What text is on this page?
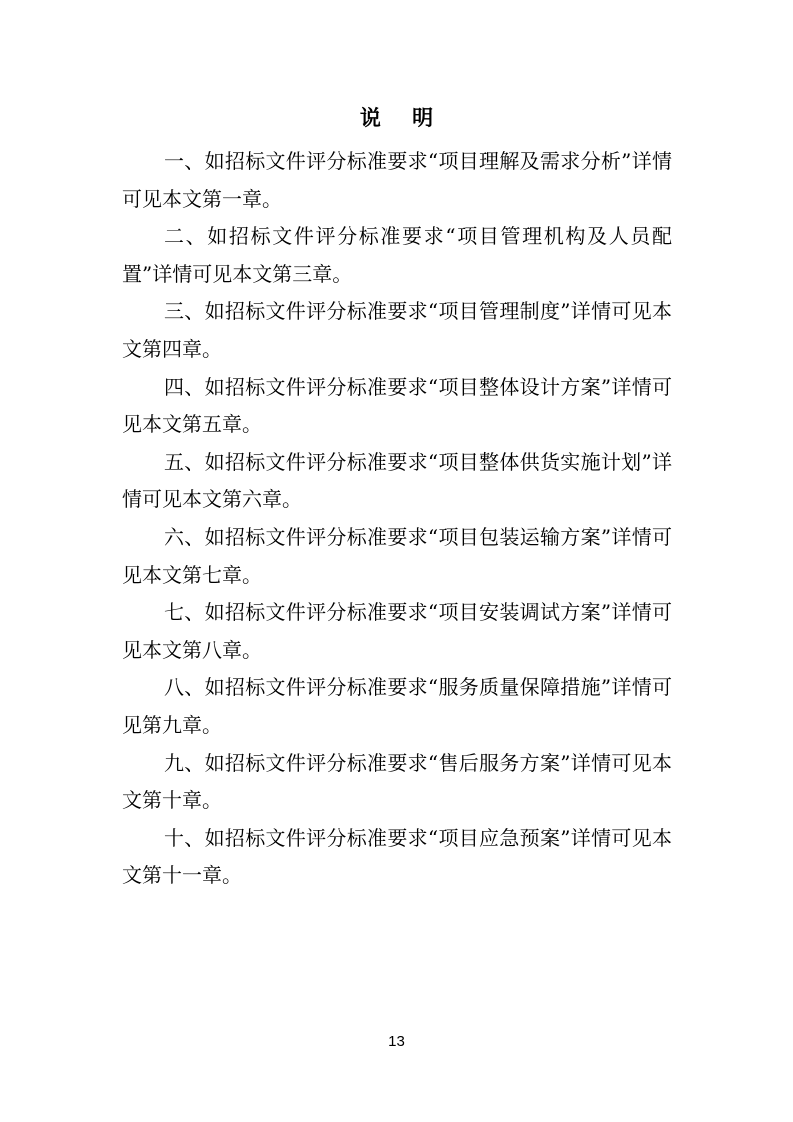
说 明

一、如招标文件评分标准要求“项目理解及需求分析”详情可见本文第一章。

二、如招标文件评分标准要求“项目管理机构及人员配置”详情可见本文第三章。

三、如招标文件评分标准要求“项目管理制度”详情可见本文第四章。

四、如招标文件评分标准要求“项目整体设计方案”详情可见本文第五章。

五、如招标文件评分标准要求“项目整体供货实施计划”详情可见本文第六章。

六、如招标文件评分标准要求“项目包装运输方案”详情可见本文第七章。

七、如招标文件评分标准要求“项目安装调试方案”详情可见本文第八章。

八、如招标文件评分标准要求“服务质量保障措施”详情可见第九章。

九、如招标文件评分标准要求“售后服务方案”详情可见本文第十章。

十、如招标文件评分标准要求“项目应急预案”详情可见本文第十一章。

13
